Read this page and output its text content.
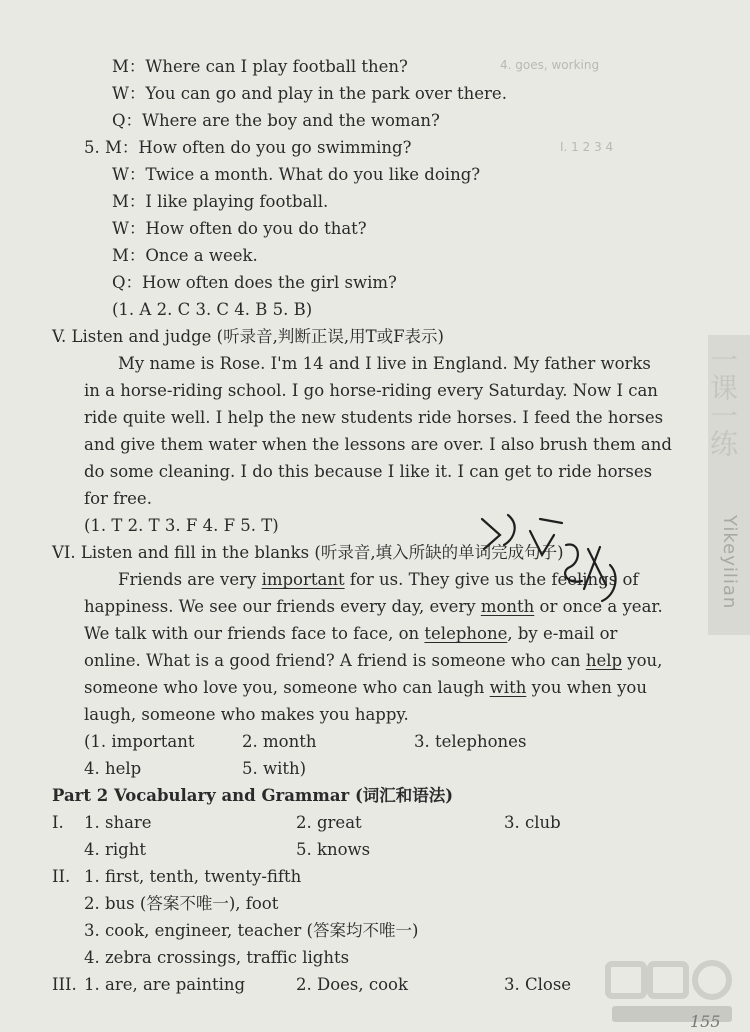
4. goes, working
I. 1 2 3 4
一课一练
Yikeyilian
M：Where can I play football then?
W：You can go and play in the park over there.
Q：Where are the boy and the woman?
5. M：How often do you go swimming?
W：Twice a month. What do you like doing?
M：I like playing football.
W：How often do you do that?
M：Once a week.
Q：How often does the girl swim?
(1. A 2. C 3. C 4. B 5. B)
V. Listen and judge (听录音,判断正误,用T或F表示)
My name is Rose. I'm 14 and I live in England. My father works
in a horse-riding school. I go horse-riding every Saturday. Now I can
ride quite well. I help the new students ride horses. I feed the horses
and give them water when the lessons are over. I also brush them and
do some cleaning. I do this because I like it. I can get to ride horses
for free.
(1. T 2. T 3. F 4. F 5. T)
VI. Listen and fill in the blanks (听录音,填入所缺的单词完成句子)
Friends are very important for us. They give us the feelings of
happiness. We see our friends every day, every month or once a year.
We talk with our friends face to face, on telephone, by e-mail or
online. What is a good friend? A friend is someone who can help you,
someone who love you, someone who can laugh with you when you
laugh, someone who makes you happy.
(1. important	2. month	3. telephones
4. help	5. with)
Part 2 Vocabulary and Grammar (词汇和语法)
I. 1. share	2. great	3. club
4. right	5. knows
II. 1. first, tenth, twenty-fifth
2. bus (答案不唯一), foot
3. cook, engineer, teacher (答案均不唯一)
4. zebra crossings, traffic lights
III. 1. are, are painting	2. Does, cook	3. Close
155
